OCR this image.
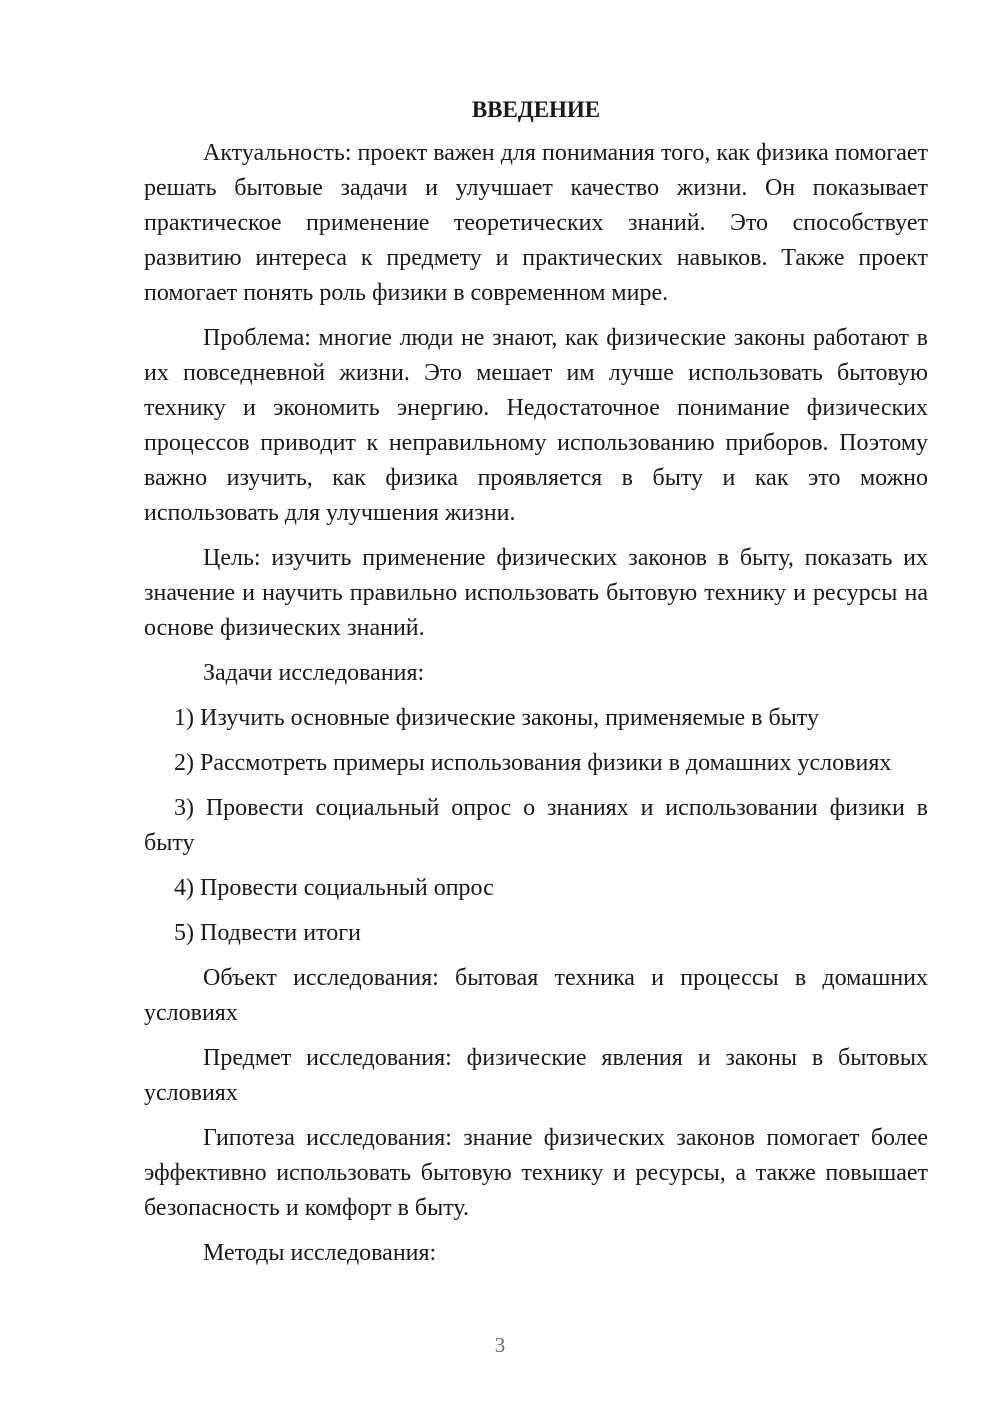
ВВЕДЕНИЕ
Актуальность: проект важен для понимания того, как физика помогает решать бытовые задачи и улучшает качество жизни. Он показывает практическое применение теоретических знаний. Это способствует развитию интереса к предмету и практических навыков. Также проект помогает понять роль физики в современном мире.
Проблема: многие люди не знают, как физические законы работают в их повседневной жизни. Это мешает им лучше использовать бытовую технику и экономить энергию. Недостаточное понимание физических процессов приводит к неправильному использованию приборов. Поэтому важно изучить, как физика проявляется в быту и как это можно использовать для улучшения жизни.
Цель: изучить применение физических законов в быту, показать их значение и научить правильно использовать бытовую технику и ресурсы на основе физических знаний.
Задачи исследования:
1) Изучить основные физические законы, применяемые в быту
2) Рассмотреть примеры использования физики в домашних условиях
3) Провести социальный опрос о знаниях и использовании физики в быту
4) Провести социальный опрос
5) Подвести итоги
Объект исследования: бытовая техника и процессы в домашних условиях
Предмет исследования: физические явления и законы в бытовых условиях
Гипотеза исследования: знание физических законов помогает более эффективно использовать бытовую технику и ресурсы, а также повышает безопасность и комфорт в быту.
Методы исследования:
3
